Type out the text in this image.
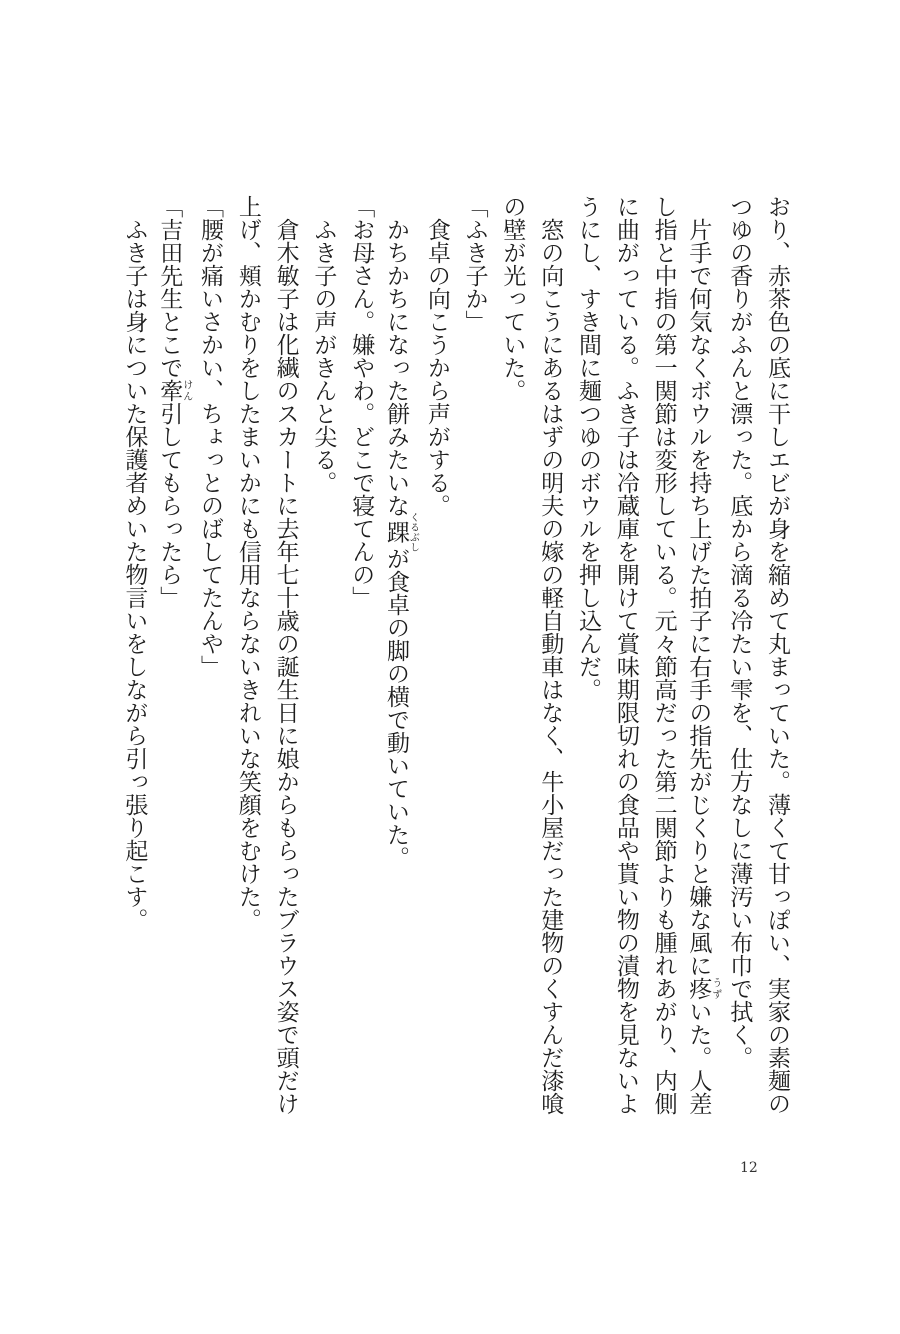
おり、赤茶色の底に干しエビが身を縮めて丸まっていた。薄くて甘っぽい、実家の素麺の
つゆの香りがふんと漂った。底から滴る冷たい雫を、仕方なしに薄汚い布巾で拭く。
　片手で何気なくボウルを持ち上げた拍子に右手の指先がじくりと嫌な風に疼うずいた。人差
し指と中指の第一関節は変形している。元々節高だった第二関節よりも腫れあがり、内側
に曲がっている。ふき子は冷蔵庫を開けて賞味期限切れの食品や貰い物の漬物を見ないよ
うにし、すき間に麺つゆのボウルを押し込んだ。
　窓の向こうにあるはずの明夫の嫁の軽自動車はなく、牛小屋だった建物のくすんだ漆喰
の壁が光っていた。
「ふき子か」
　食卓の向こうから声がする。
　かちかちになった餅みたいな踝くるぶしが食卓の脚の横で動いていた。
「お母さん。嫌やわ。どこで寝てんの」
　ふき子の声がきんと尖る。
　倉木敏子は化繊のスカートに去年七十歳の誕生日に娘からもらったブラウス姿で頭だけ
上げ、頬かむりをしたまいかにも信用ならないきれいな笑顔をむけた。
「腰が痛いさかい、ちょっとのばしてたんや」
「吉田先生とこで牽けん引してもらったら」
　ふき子は身についた保護者めいた物言いをしながら引っ張り起こす。
12
